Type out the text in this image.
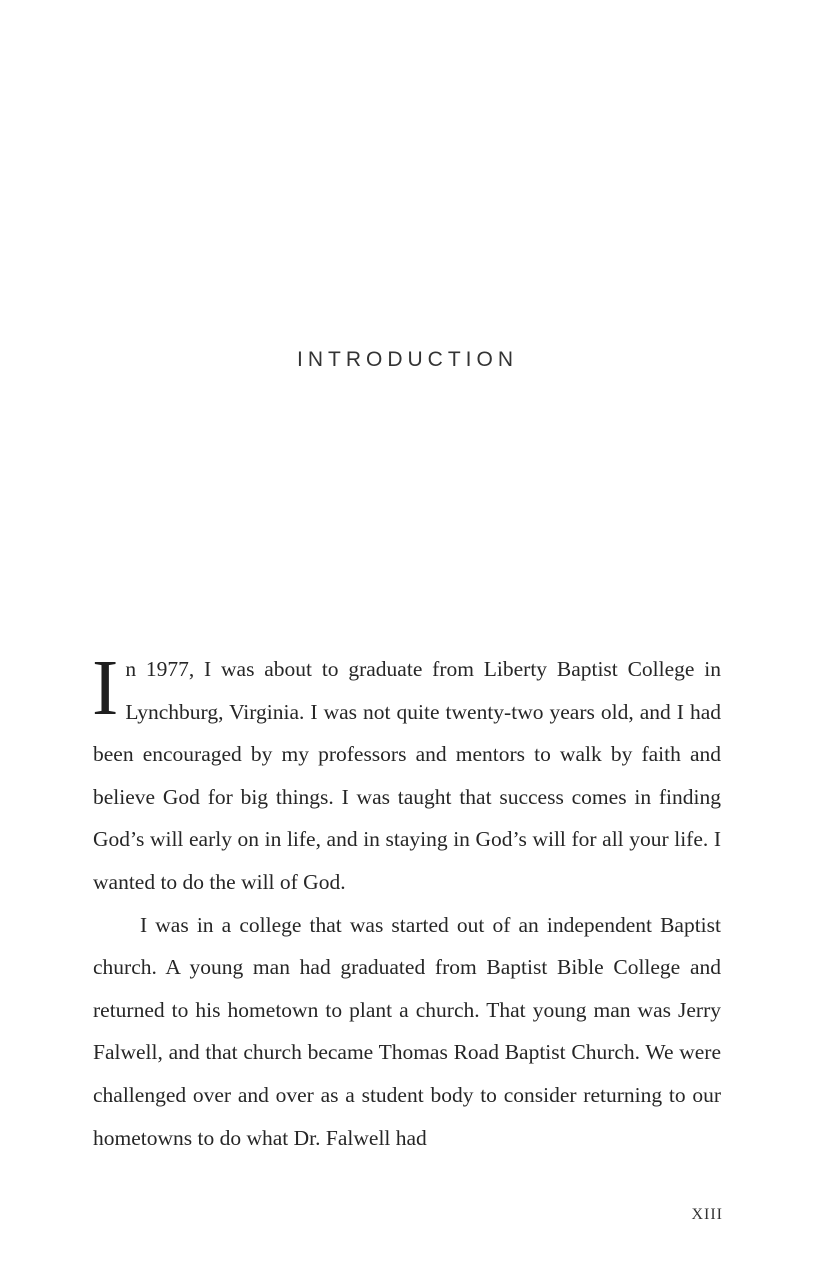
INTRODUCTION

In 1977, I was about to graduate from Liberty Baptist College in Lynchburg, Virginia. I was not quite twenty-two years old, and I had been encouraged by my professors and mentors to walk by faith and believe God for big things. I was taught that success comes in finding God’s will early on in life, and in staying in God’s will for all your life. I wanted to do the will of God.

I was in a college that was started out of an independent Baptist church. A young man had graduated from Baptist Bible College and returned to his hometown to plant a church. That young man was Jerry Falwell, and that church became Thomas Road Baptist Church. We were challenged over and over as a student body to consider returning to our hometowns to do what Dr. Falwell had

XIII
